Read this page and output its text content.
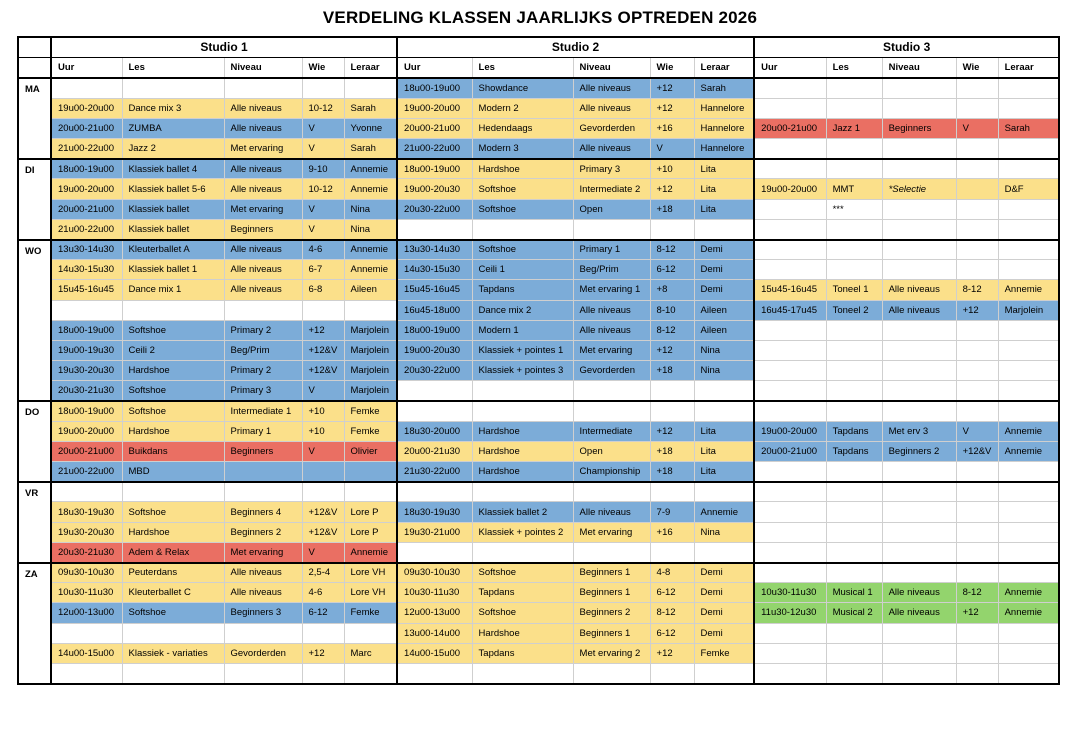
VERDELING KLASSEN JAARLIJKS OPTREDEN 2026
	Studio 1					Studio 2					Studio 3				
	Uur	Les	Niveau	Wie	Leraar	Uur	Les	Niveau	Wie	Leraar	Uur	Les	Niveau	Wie	Leraar
MA						18u00-19u00	Showdance	Alle niveaus	+12	Sarah					
	19u00-20u00	Dance mix 3	Alle niveaus	10-12	Sarah	19u00-20u00	Modern 2	Alle niveaus	+12	Hannelore					
	20u00-21u00	ZUMBA	Alle niveaus	V	Yvonne	20u00-21u00	Hedendaags	Gevorderden	+16	Hannelore	20u00-21u00	Jazz 1	Beginners	V	Sarah
	21u00-22u00	Jazz 2	Met ervaring	V	Sarah	21u00-22u00	Modern 3	Alle niveaus	V	Hannelore					
DI	18u00-19u00	Klassiek ballet 4	Alle niveaus	9-10	Annemie	18u00-19u00	Hardshoe	Primary 3	+10	Lita					
	19u00-20u00	Klassiek ballet 5-6	Alle niveaus	10-12	Annemie	19u00-20u30	Softshoe	Intermediate 2	+12	Lita	19u00-20u00	MMT	*Selectie		D&F
	20u00-21u00	Klassiek ballet	Met ervaring	V	Nina	20u30-22u00	Softshoe	Open	+18	Lita		***			
	21u00-22u00	Klassiek ballet	Beginners	V	Nina										
WO	13u30-14u30	Kleuterballet A	Alle niveaus	4-6	Annemie	13u30-14u30	Softshoe	Primary 1	8-12	Demi					
	14u30-15u30	Klassiek ballet 1	Alle niveaus	6-7	Annemie	14u30-15u30	Ceili 1	Beg/Prim	6-12	Demi					
	15u45-16u45	Dance mix 1	Alle niveaus	6-8	Aileen	15u45-16u45	Tapdans	Met ervaring 1	+8	Demi	15u45-16u45	Toneel 1	Alle niveaus	8-12	Annemie
						16u45-18u00	Dance mix 2	Alle niveaus	8-10	Aileen	16u45-17u45	Toneel 2	Alle niveaus	+12	Marjolein
	18u00-19u00	Softshoe	Primary 2	+12	Marjolein	18u00-19u00	Modern 1	Alle niveaus	8-12	Aileen					
	19u00-19u30	Ceili 2	Beg/Prim	+12&V	Marjolein	19u00-20u30	Klassiek + pointes 1	Met ervaring	+12	Nina					
	19u30-20u30	Hardshoe	Primary 2	+12&V	Marjolein	20u30-22u00	Klassiek + pointes 3	Gevorderden	+18	Nina					
	20u30-21u30	Softshoe	Primary 3	V	Marjolein										
DO	18u00-19u00	Softshoe	Intermediate 1	+10	Femke										
	19u00-20u00	Hardshoe	Primary 1	+10	Femke	18u30-20u00	Hardshoe	Intermediate	+12	Lita	19u00-20u00	Tapdans	Met erv 3	V	Annemie
	20u00-21u00	Buikdans	Beginners	V	Olivier	20u00-21u30	Hardshoe	Open	+18	Lita	20u00-21u00	Tapdans	Beginners 2	+12&V	Annemie
	21u00-22u00	MBD				21u30-22u00	Hardshoe	Championship	+18	Lita					
VR															
	18u30-19u30	Softshoe	Beginners 4	+12&V	Lore P	18u30-19u30	Klassiek ballet 2	Alle niveaus	7-9	Annemie					
	19u30-20u30	Hardshoe	Beginners 2	+12&V	Lore P	19u30-21u00	Klassiek + pointes 2	Met ervaring	+16	Nina					
	20u30-21u30	Adem & Relax	Met ervaring	V	Annemie										
ZA	09u30-10u30	Peuterdans	Alle niveaus	2,5-4	Lore VH	09u30-10u30	Softshoe	Beginners 1	4-8	Demi					
	10u30-11u30	Kleuterballet C	Alle niveaus	4-6	Lore VH	10u30-11u30	Tapdans	Beginners 1	6-12	Demi	10u30-11u30	Musical 1	Alle niveaus	8-12	Annemie
	12u00-13u00	Softshoe	Beginners 3	6-12	Femke	12u00-13u00	Softshoe	Beginners 2	8-12	Demi	11u30-12u30	Musical 2	Alle niveaus	+12	Annemie
						13u00-14u00	Hardshoe	Beginners 1	6-12	Demi					
	14u00-15u00	Klassiek - variaties	Gevorderden	+12	Marc	14u00-15u00	Tapdans	Met ervaring 2	+12	Femke					
